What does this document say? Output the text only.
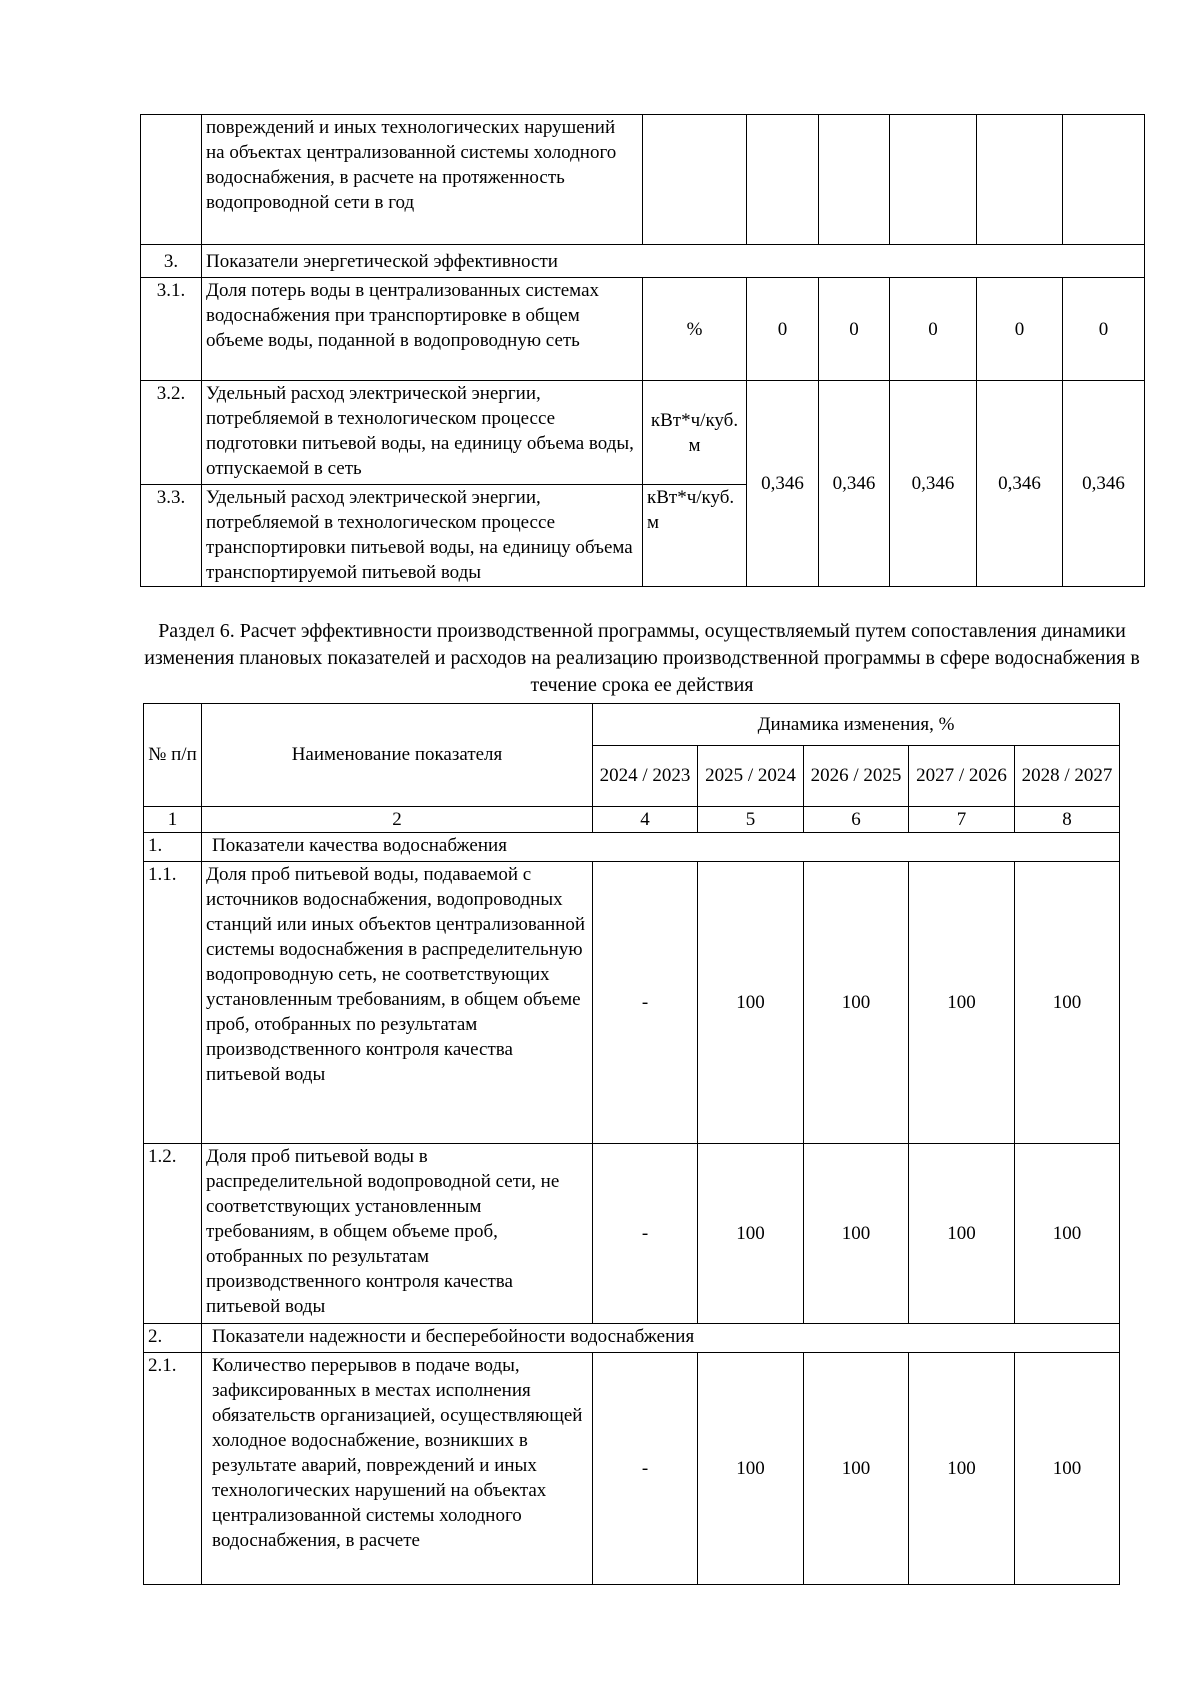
	повреждений и иных технологических нарушений на объектах централизованной системы холодного водоснабжения, в расчете на протяженность водопроводной сети в год						
3.	Показатели энергетической эффективности						
3.1.	Доля потерь воды в централизованных системах водоснабжения при транспортировке в общем объеме воды, поданной в водопроводную сеть	%	0	0	0	0	0
3.2.	Удельный расход электрической энергии, потребляемой в технологическом процессе подготовки питьевой воды, на единицу объема воды, отпускаемой в сеть	кВт*ч/куб. м	0,346	0,346	0,346	0,346	0,346
3.3.	Удельный расход электрической энергии, потребляемой в технологическом процессе транспортировки питьевой воды, на единицу объема транспортируемой питьевой воды	кВт*ч/куб. м					
Раздел 6. Расчет эффективности производственной программы, осуществляемый путем сопоставления динамики изменения плановых показателей и расходов на реализацию производственной программы в сфере водоснабжения в течение срока ее действия
№ п/п	Наименование показателя	Динамика изменения, %				
		2024 / 2023	2025 / 2024	2026 / 2025	2027 / 2026	2028 / 2027
1	2	4	5	6	7	8
1.	Показатели качества водоснабжения					
1.1.	Доля проб питьевой воды, подаваемой с источников водоснабжения, водопроводных станций или иных объектов централизованной системы водоснабжения в распределительную водопроводную сеть, не соответствующих установленным требованиям, в общем объеме проб, отобранных по результатам производственного контроля качества питьевой воды	-	100	100	100	100
1.2.	Доля проб питьевой воды в распределительной водопроводной сети, не соответствующих установленным требованиям, в общем объеме проб, отобранных по результатам производственного контроля качества питьевой воды	-	100	100	100	100
2.	Показатели надежности и бесперебойности водоснабжения					
2.1.	Количество перерывов в подаче воды, зафиксированных в местах исполнения обязательств организацией, осуществляющей холодное водоснабжение, возникших в результате аварий, повреждений и иных технологических нарушений на объектах централизованной системы холодного водоснабжения, в расчете	-	100	100	100	100
